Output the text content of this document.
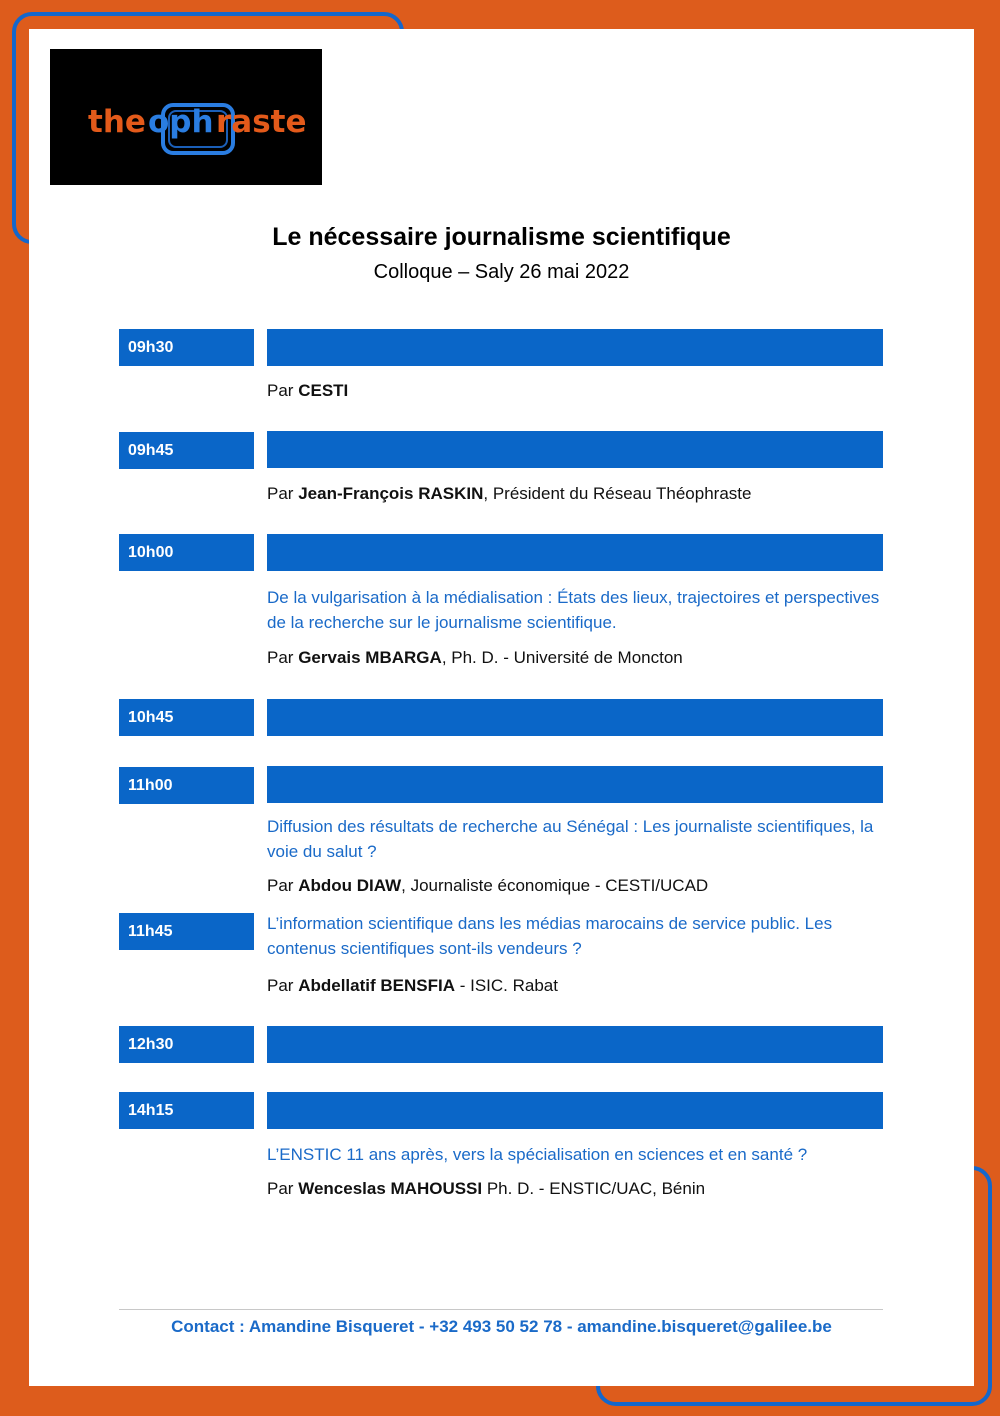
the oph raste
Le nécessaire journalisme scientifique
Colloque – Saly 26 mai 2022
09h30
Par CESTI
09h45
Par Jean-François RASKIN, Président du Réseau Théophraste
10h00
De la vulgarisation à la médialisation : États des lieux, trajectoires et perspectives de la recherche sur le journalisme scientifique.
Par Gervais MBARGA, Ph. D. - Université de Moncton
10h45
11h00
Diffusion des résultats de recherche au Sénégal : Les journaliste scientifiques, la voie du salut ?
Par Abdou DIAW, Journaliste économique - CESTI/UCAD
11h45	L’information scientifique dans les médias marocains de service public. Les contenus scientifiques sont-ils vendeurs ?
Par Abdellatif BENSFIA - ISIC. Rabat
12h30
14h15
L’ENSTIC 11 ans après, vers la spécialisation en sciences et en santé ?
Par Wenceslas MAHOUSSI Ph. D. - ENSTIC/UAC, Bénin
Contact : Amandine Bisqueret - +32 493 50 52 78 - amandine.bisqueret@galilee.be
